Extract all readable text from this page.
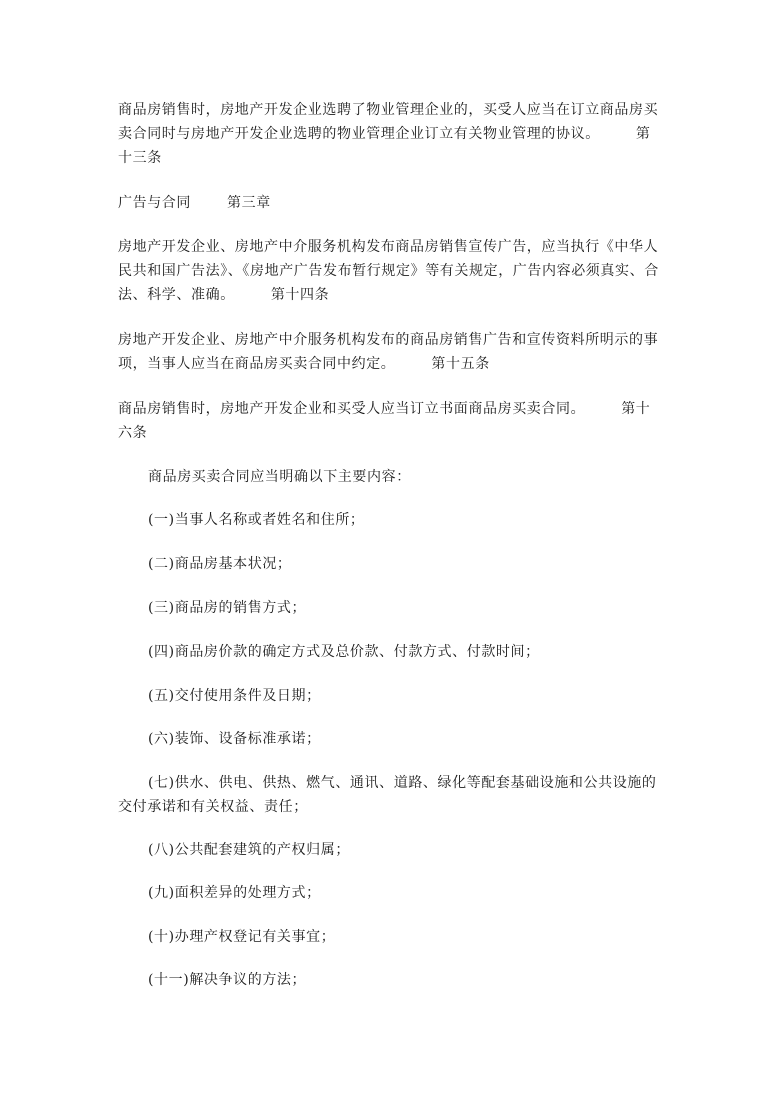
商品房销售时，房地产开发企业选聘了物业管理企业的，买受人应当在订立商品房买卖合同时与房地产开发企业选聘的物业管理企业订立有关物业管理的协议。	第十三条

广告与合同	第三章

房地产开发企业、房地产中介服务机构发布商品房销售宣传广告，应当执行《中华人民共和国广告法》、《房地产广告发布暂行规定》等有关规定，广告内容必须真实、合法、科学、准确。	第十四条

房地产开发企业、房地产中介服务机构发布的商品房销售广告和宣传资料所明示的事项，当事人应当在商品房买卖合同中约定。	第十五条

商品房销售时，房地产开发企业和买受人应当订立书面商品房买卖合同。	第十六条

商品房买卖合同应当明确以下主要内容：

(一)当事人名称或者姓名和住所；

(二)商品房基本状况；

(三)商品房的销售方式；

(四)商品房价款的确定方式及总价款、付款方式、付款时间；

(五)交付使用条件及日期；

(六)装饰、设备标准承诺；

(七)供水、供电、供热、燃气、通讯、道路、绿化等配套基础设施和公共设施的交付承诺和有关权益、责任；

(八)公共配套建筑的产权归属；

(九)面积差异的处理方式；

(十)办理产权登记有关事宜；

(十一)解决争议的方法；
